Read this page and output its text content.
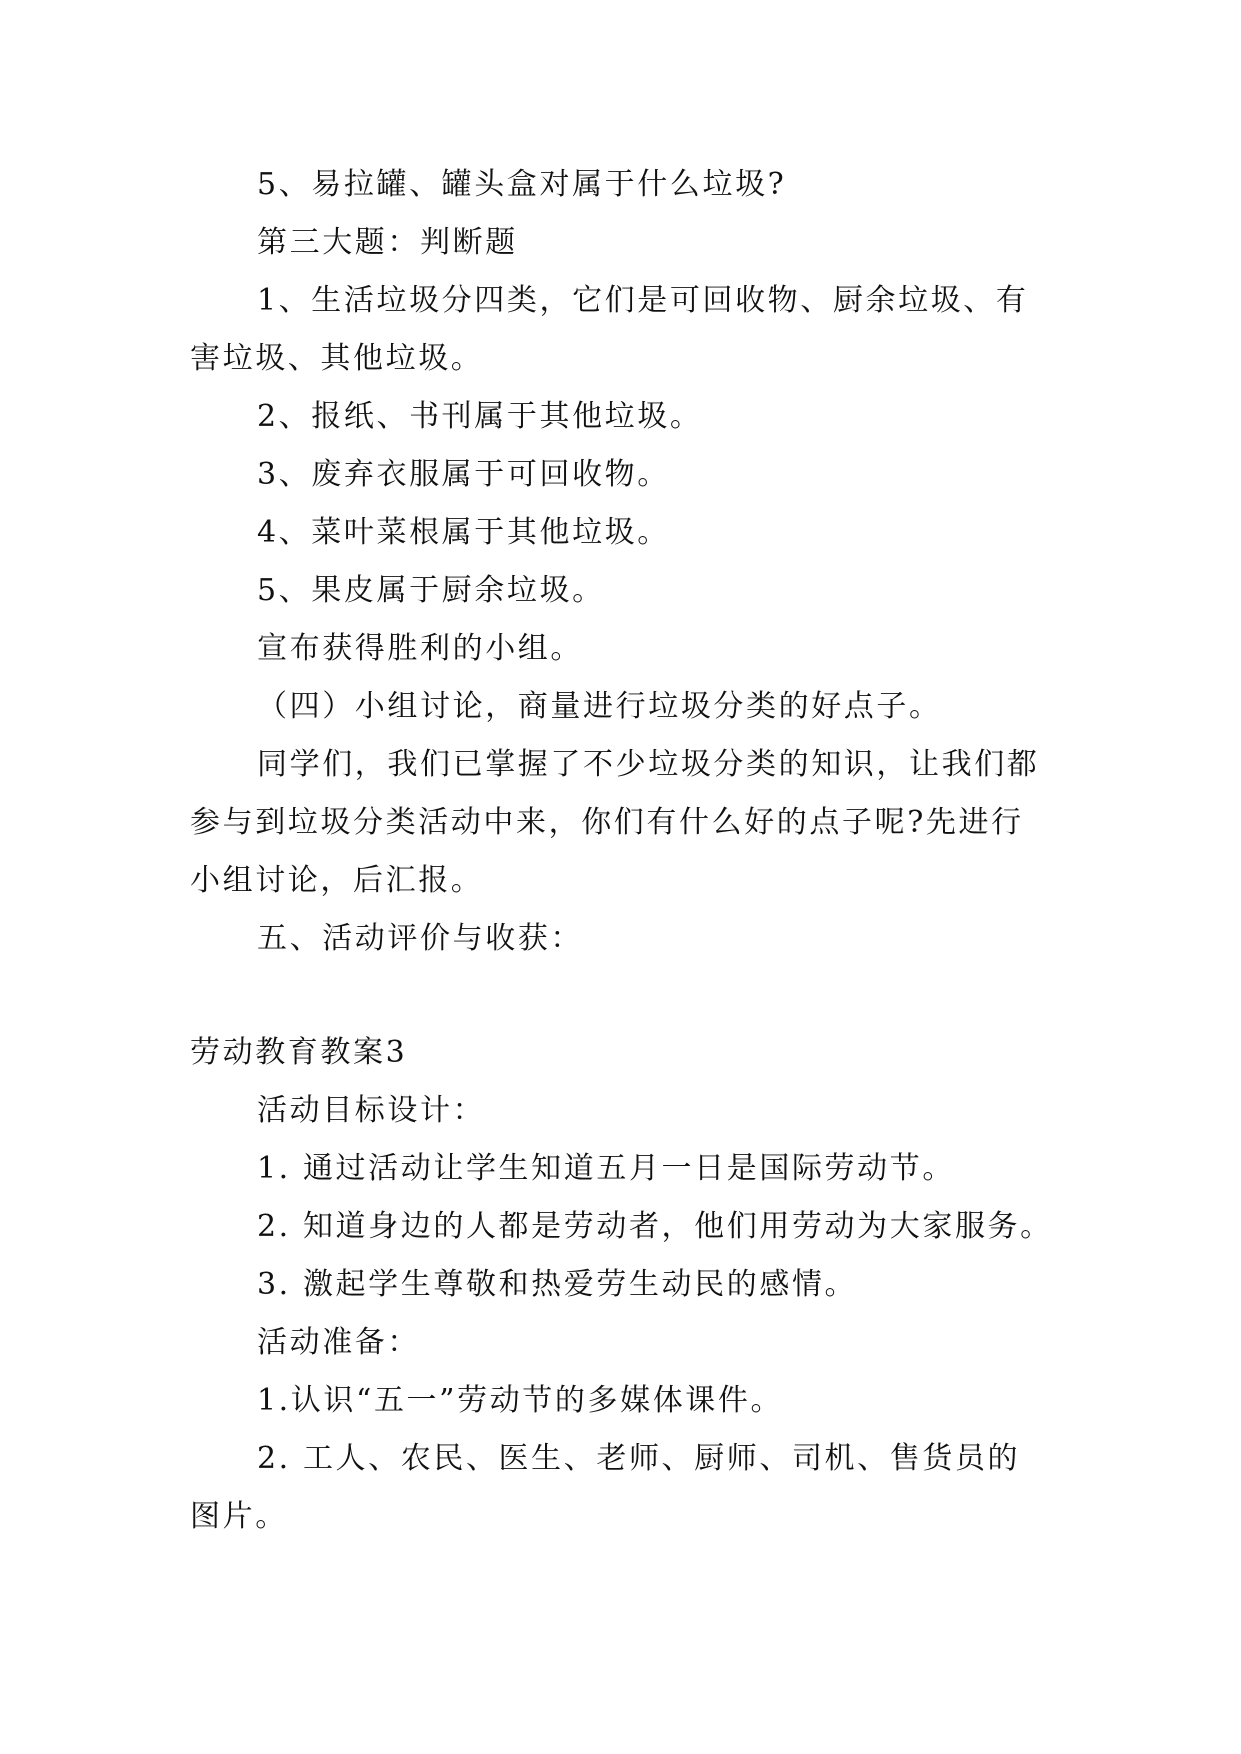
5、易拉罐、罐头盒对属于什么垃圾?
第三大题：判断题
1、生活垃圾分四类，它们是可回收物、厨余垃圾、有
害垃圾、其他垃圾。
2、报纸、书刊属于其他垃圾。
3、废弃衣服属于可回收物。
4、菜叶菜根属于其他垃圾。
5、果皮属于厨余垃圾。
宣布获得胜利的小组。
（四）小组讨论，商量进行垃圾分类的好点子。
同学们，我们已掌握了不少垃圾分类的知识，让我们都
参与到垃圾分类活动中来，你们有什么好的点子呢?先进行
小组讨论，后汇报。
五、活动评价与收获：
劳动教育教案3
活动目标设计：
1. 通过活动让学生知道五月一日是国际劳动节。
2. 知道身边的人都是劳动者，他们用劳动为大家服务。
3. 激起学生尊敬和热爱劳生动民的感情。
活动准备：
1.认识“五一”劳动节的多媒体课件。
2. 工人、农民、医生、老师、厨师、司机、售货员的
图片。
